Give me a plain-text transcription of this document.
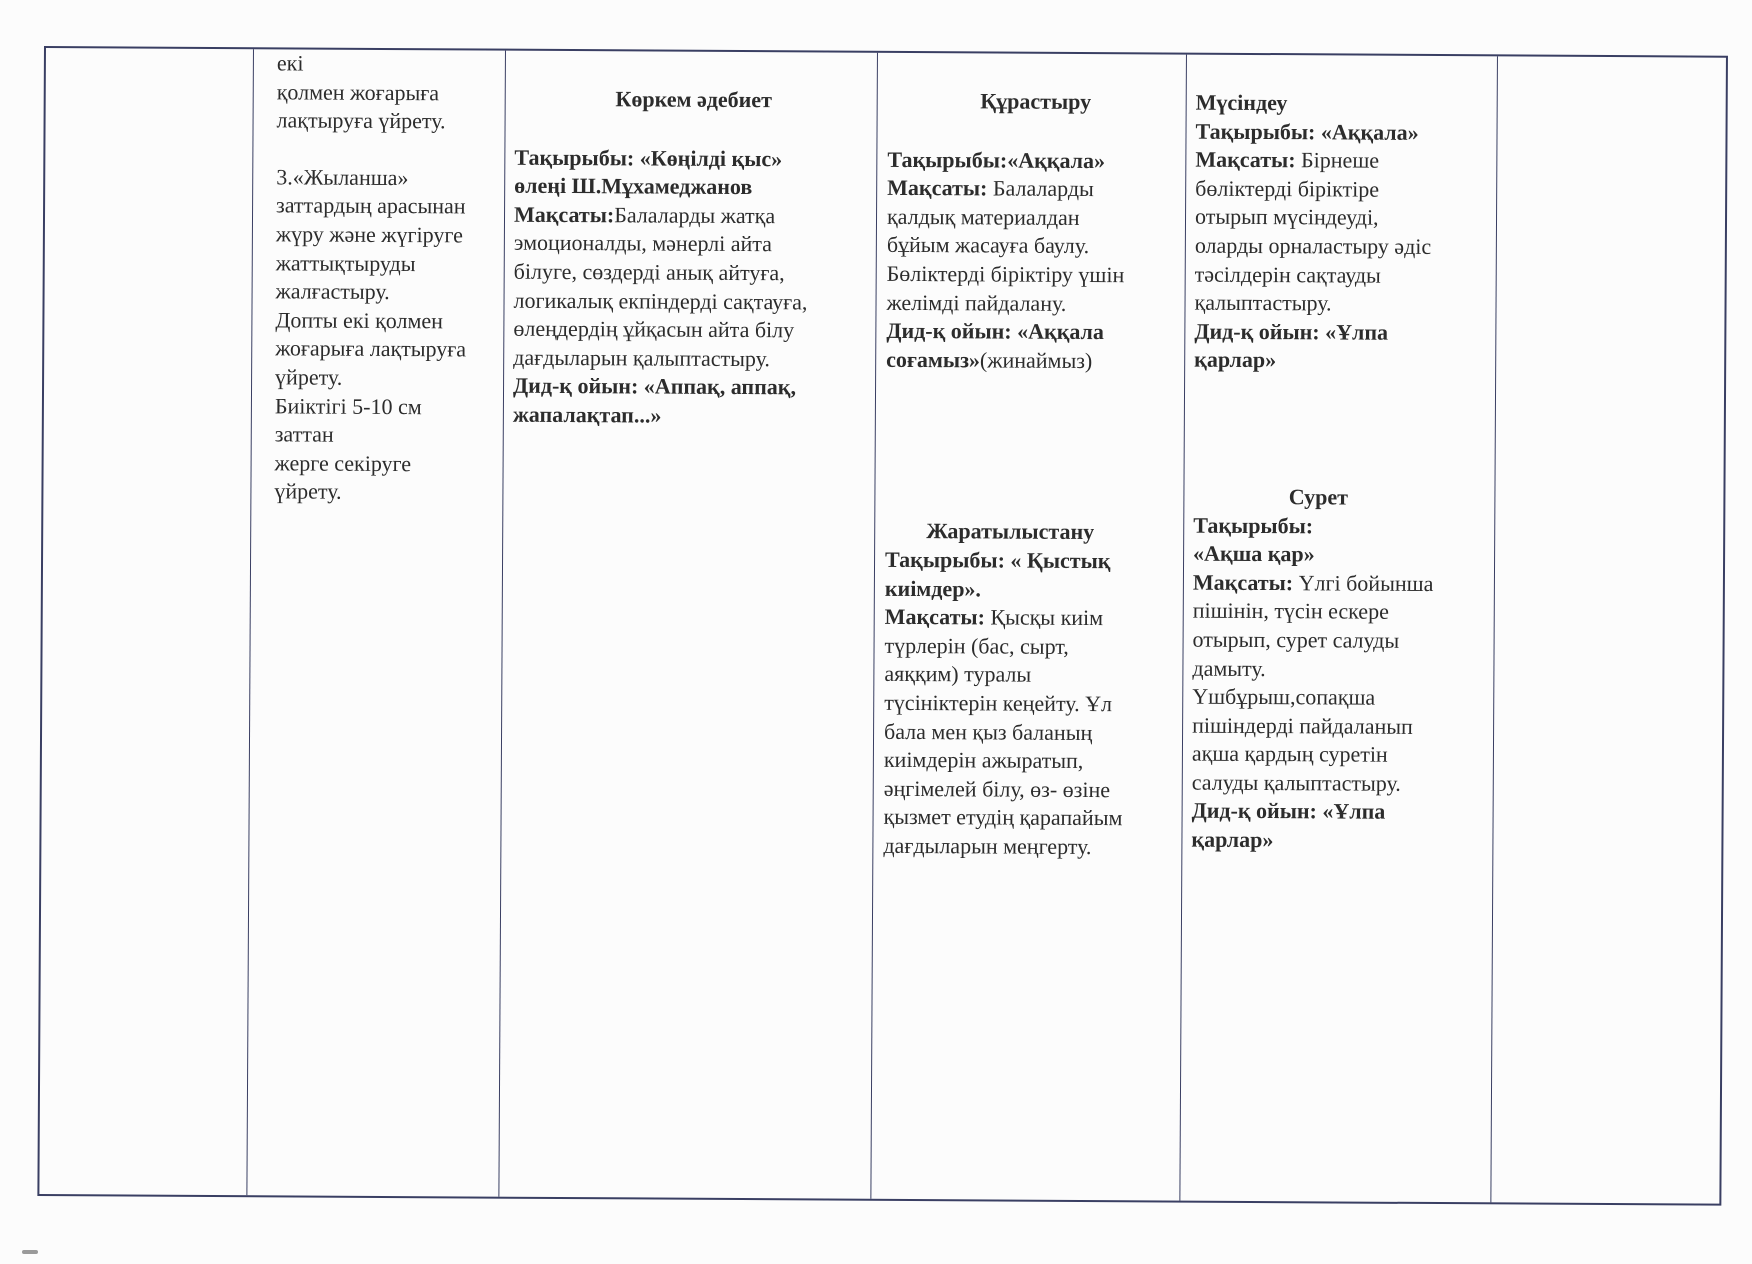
екі

қолмен жоғарыға

лақтыруға үйрету.

3.«Жыланша»

заттардың арасынан

жүру және жүгіруге

жаттықтыруды

жалғастыру.

Допты екі қолмен

жоғарыға лақтыруға

үйрету.

Биіктігі 5-10 см

заттан

жерге секіруге

үйрету.

Көркем әдебиет

Тақырыбы: «Көңілді қыс»

өлеңі Ш.Мұхамеджанов

Мақсаты:Балаларды жатқа

эмоционалды, мәнерлі айта

білуге, сөздерді анық айтуға,

логикалық екпіндерді сақтауға,

өлеңдердің ұйқасын айта білу

дағдыларын қалыптастыру.

Дид-қ ойын: «Аппақ, аппақ,

жапалақтап...»

Құрастыру

Тақырыбы:«Аққала»

Мақсаты: Балаларды

қалдық материалдан

бұйым жасауға баулу.

Бөліктерді біріктіру үшін

желімді пайдалану.

Дид-қ ойын: «Аққала

соғамыз»(жинаймыз)

Жаратылыстану

Тақырыбы: « Қыстық

киімдер».

Мақсаты: Қысқы киім

түрлерін (бас, сырт,

аяққим) туралы

түсініктерін кеңейту. Ұл

бала мен қыз баланың

киімдерін ажыратып,

әңгімелей білу, өз- өзіне

қызмет етудің қарапайым

дағдыларын меңгерту.

Мүсіндеу

Тақырыбы: «Аққала»

Мақсаты: Бірнеше

бөліктерді біріктіре

отырып мүсіндеуді,

оларды орналастыру әдіс

тәсілдерін сақтауды

қалыптастыру.

Дид-қ ойын: «Ұлпа

қарлар»

Сурет

Тақырыбы:

«Ақша қар»

Мақсаты: Үлгі бойынша

пішінін, түсін ескере

отырып, сурет салуды

дамыту.

Үшбұрыш,сопақша

пішіндерді пайдаланып

ақша қардың суретін

салуды қалыптастыру.

Дид-қ ойын: «Ұлпа

қарлар»
